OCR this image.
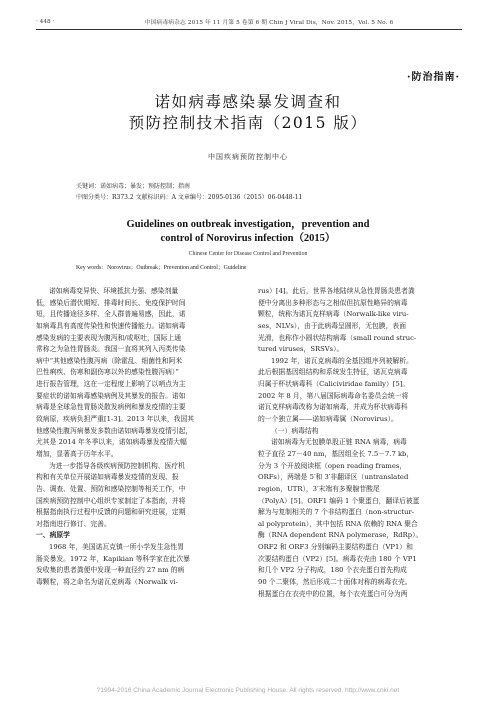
· 448 ·	中国病毒病杂志 2015 年 11 月第 5 卷第 6 期 Chin J Viral Dis，Nov. 2015，Vol. 5 No. 6
·防治指南·
诺如病毒感染暴发调查和
预防控制技术指南（2015 版）
中国疾病预防控制中心
关键词：诺如病毒；暴发；预防控制；指南
中图分类号：R373.2 文献标识码：A 文章编号：2095-0136（2015）06-0448-11
Guidelines on outbreak investigation，prevention and
control of Norovirus infection（2015）
Chinese Center for Disease Control and Prevention
Key words：Norovirus；Outbreak；Prevention and Control；Guideline
诺如病毒变异快、环境抵抗力强、感染剂量
低，感染后潜伏期短、排毒时间长、免疫保护时间
短，且传播途径多样、全人群普遍易感，因此，诺
如病毒具有高度传染性和快速传播能力。诺如病毒
感染发病的主要表现为腹泻和/或呕吐，国际上通
常称之为急性胃肠炎。我国一直将其列入丙类传染
病中“其他感染性腹泻病（除霍乱、细菌性和阿米
巴性痢疾、伤寒和副伤寒以外的感染性腹泻病）”
进行报告管理，这在一定程度上影响了以哨点为主
要症状的诺如病毒感染病例及其暴发的报告。诺如
病毒是全球急性胃肠炎散发病例和暴发疫情的主要
致病原，疾病负担严重[1-3]。2013 年以来，我国其
他感染性腹泻病暴发多数由诺如病毒暴发疫情引起，
尤其是 2014 年冬季以来，诺如病毒暴发疫情大幅
增加，显著高于历年水平。
为进一步指导各级疾病预防控制机构、医疗机
构和有关单位开展诺如病毒暴发疫情的发现、报
告、调查、处置、预防和感染控制等相关工作，中
国疾病预防控制中心组织专家制定了本指南，并将
根据指南执行过程中反馈的问题和研究进展，定期
对指南进行修订、完善。
一、病原学
1968 年，美国诺瓦克镇一所小学发生急性胃
肠炎暴发。1972 年，Kapikian 等科学家在此次暴
发收集的患者粪便中发现一种直径约 27 nm 的病
毒颗粒，将之命名为诺瓦克病毒（Norwalk vi-
rus）[4]。此后，世界各地陆续从急性胃肠炎患者粪
便中分离出多种形态与之相似但抗原性略异的病毒
颗粒，统称为诺瓦克样病毒（Norwalk-like viru-
ses，NLVs），由于此病毒呈圆形，无包膜，表面
光滑，也称作小圆状结构病毒（small round struc-
tured viruses，SRSVs）。
1992 年，诺瓦克病毒的全基因组序列被解析。
此后根据基因组结构和系统发生特征，诺瓦克病毒
归属于杯状病毒科（Caliciviridae family）[5]。
2002 年 8 月，第八届国际病毒命名委员会统一将
诺瓦克样病毒改称为诺如病毒，并成为杯状病毒科
的一个独立属——诺如病毒属（Norovirus）。
（一）病毒结构
诺如病毒为无包膜单股正链 RNA 病毒，病毒
粒子直径 27－40 nm，基因组全长 7.5－7.7 kb，
分为 3 个开放阅读框（open reading frames，
ORFs），两端是 5′和 3′非翻译区（untranslated
region，UTR），3′末端有多聚腺苷酸尾
（PolyA）[5]。ORF1 编码 1 个聚蛋白，翻译后被蛋
解为与复制相关的 7 个非结构蛋白（non-structur-
al polyprotein），其中包括 RNA 依赖的 RNA 聚合
酶（RNA dependent RNA polymerase，RdRp）。
ORF2 和 ORF3 分别编码主要结构蛋白（VP1）和
次要结构蛋白（VP2）[5]。病毒衣壳由 180 个 VP1
和几个 VP2 分子构成，180 个衣壳蛋白首先构成
90 个二聚体，然后形成二十面体对称的病毒衣壳。
根据蛋白在衣壳中的位置，每个衣壳蛋白可分为两
?1994-2016 China Academic Journal Electronic Publishing House. All rights reserved. http://www.cnki.net
